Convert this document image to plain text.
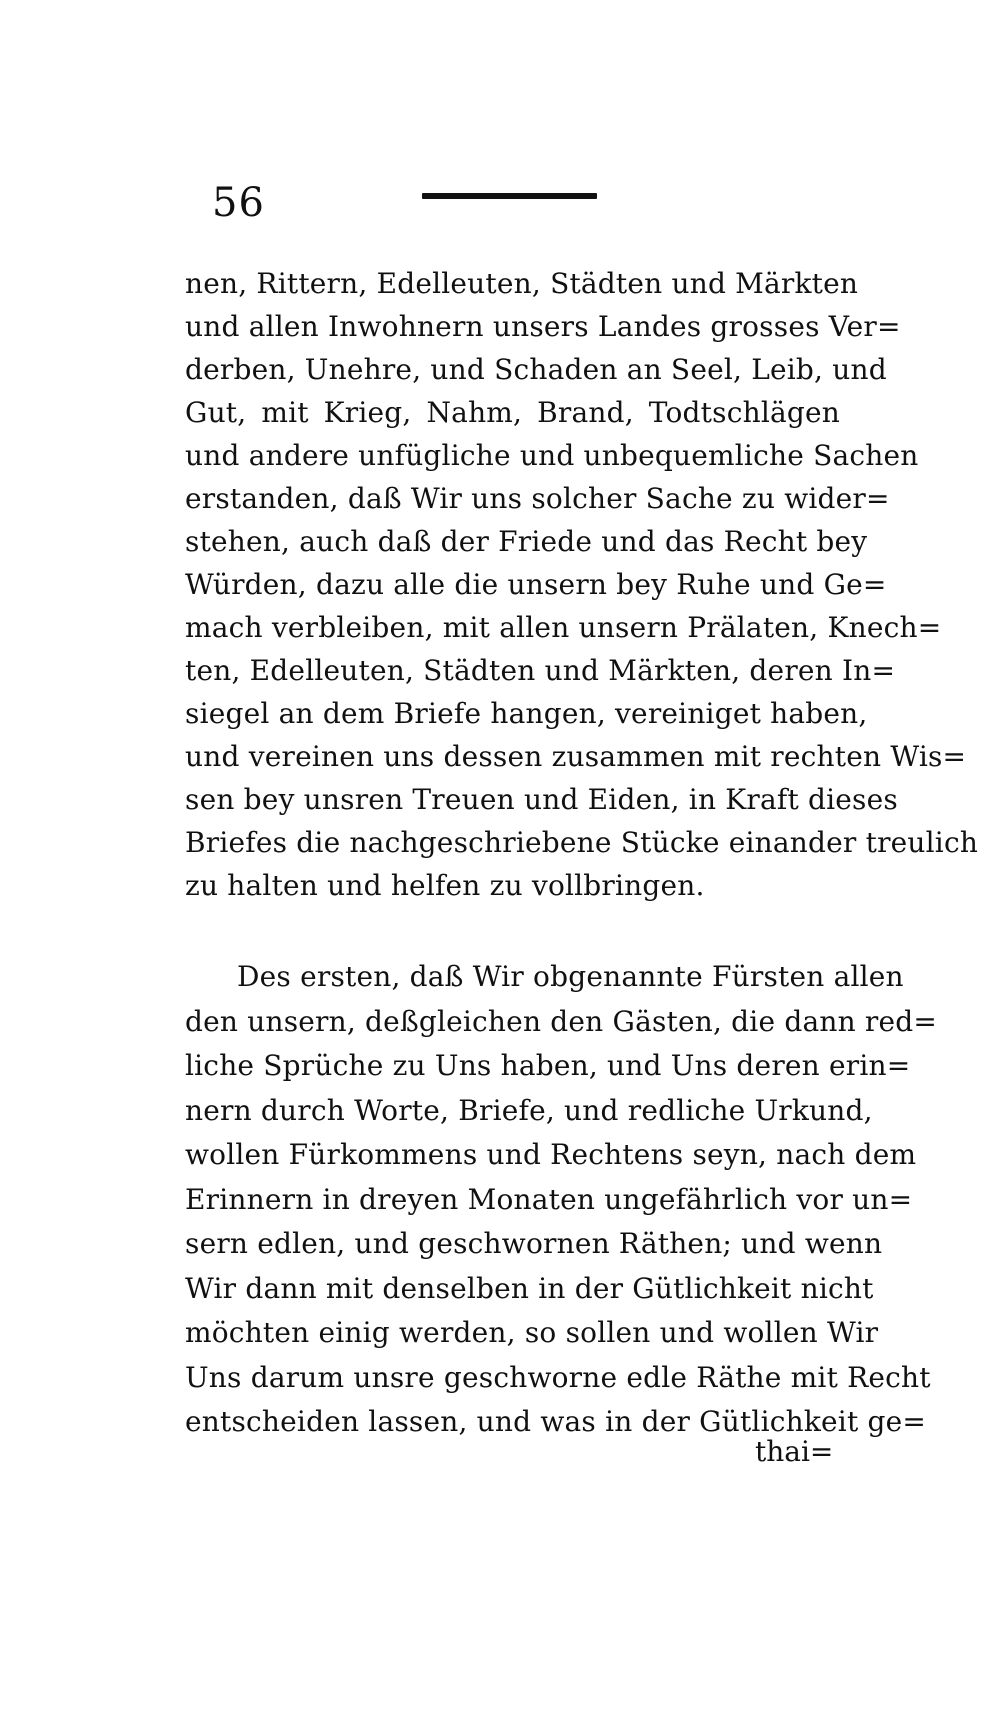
56
nen, Rittern, Edelleuten, Städten und Märkten
und allen Inwohnern unsers Landes grosses Ver=
derben, Unehre, und Schaden an Seel, Leib, und
Gut, mit Krieg, Nahm, Brand, Todtschlägen
und andere unfügliche und unbequemliche Sachen
erstanden, daß Wir uns solcher Sache zu wider=
stehen, auch daß der Friede und das Recht bey
Würden, dazu alle die unsern bey Ruhe und Ge=
mach verbleiben, mit allen unsern Prälaten, Knech=
ten, Edelleuten, Städten und Märkten, deren In=
siegel an dem Briefe hangen, vereiniget haben,
und vereinen uns dessen zusammen mit rechten Wis=
sen bey unsren Treuen und Eiden, in Kraft dieses
Briefes die nachgeschriebene Stücke einander treulich
zu halten und helfen zu vollbringen.
Des ersten, daß Wir obgenannte Fürsten allen
den unsern, deßgleichen den Gästen, die dann red=
liche Sprüche zu Uns haben, und Uns deren erin=
nern durch Worte, Briefe, und redliche Urkund,
wollen Fürkommens und Rechtens seyn, nach dem
Erinnern in dreyen Monaten ungefährlich vor un=
sern edlen, und geschwornen Räthen; und wenn
Wir dann mit denselben in der Gütlichkeit nicht
möchten einig werden, so sollen und wollen Wir
Uns darum unsre geschworne edle Räthe mit Recht
entscheiden lassen, und was in der Gütlichkeit ge=
thai=
